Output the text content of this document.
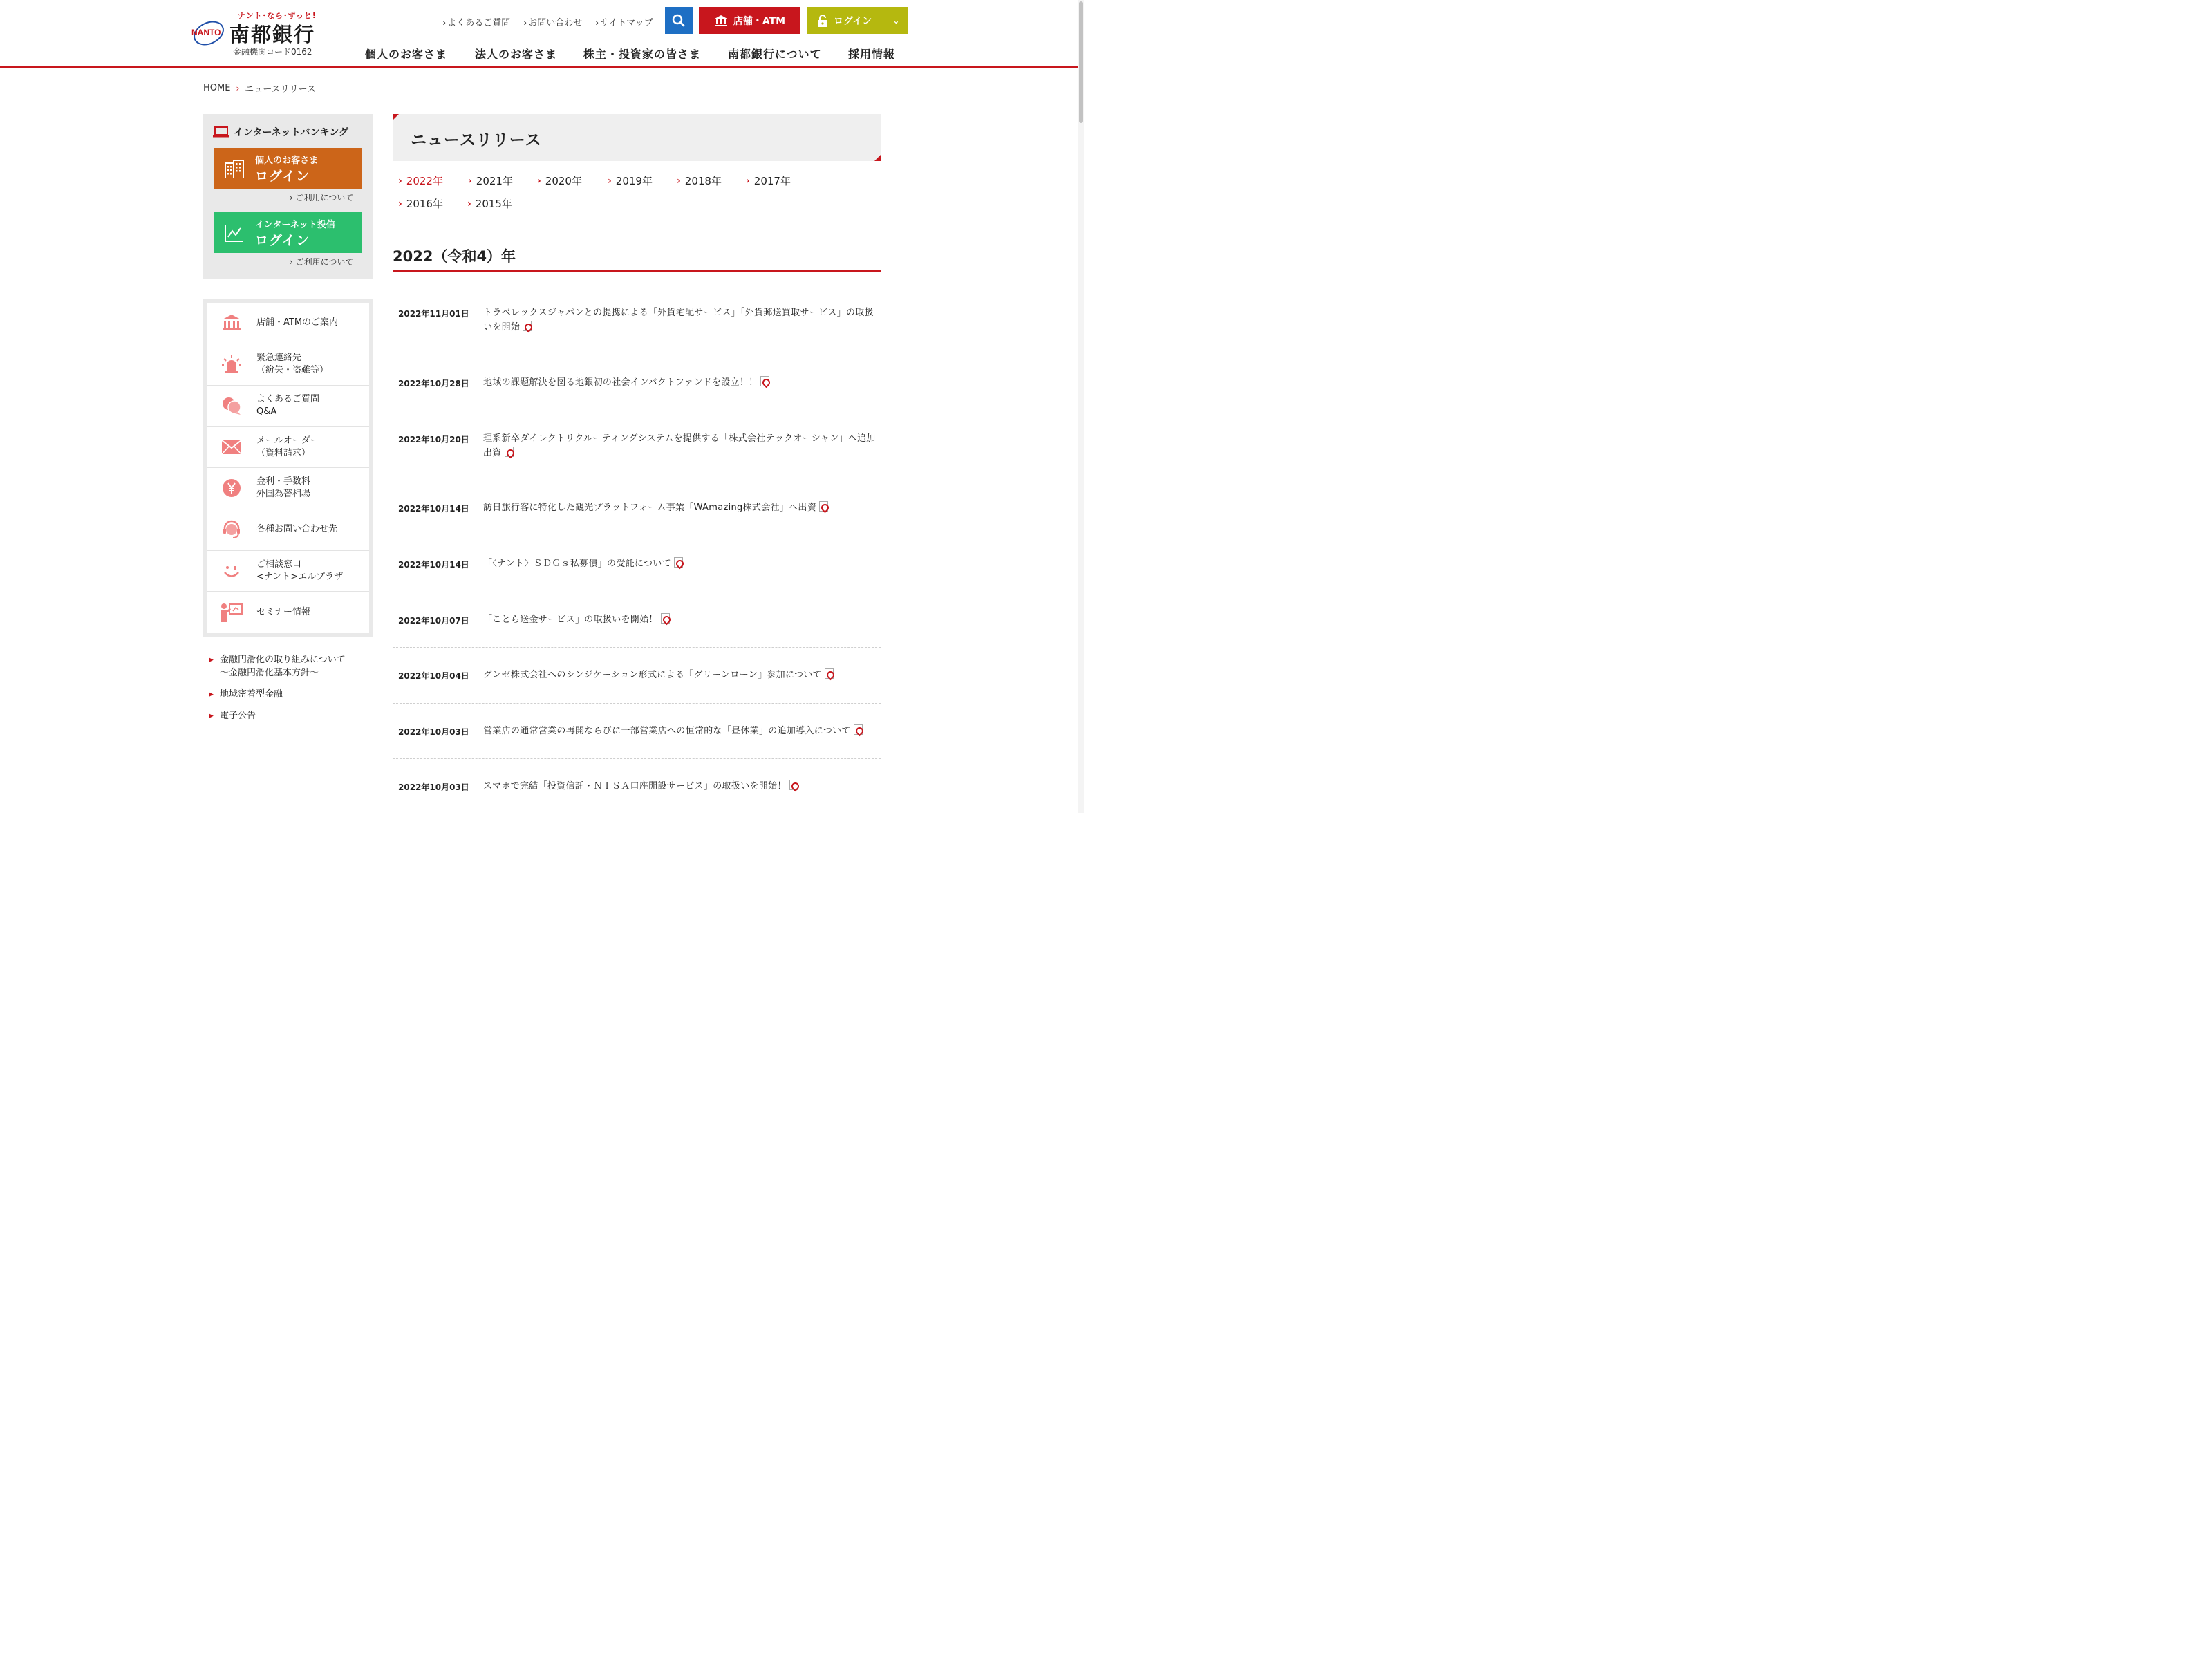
ナント･なら･ずっと!
NANTO 南都銀行
金融機関コード0162
› よくあるご質問 › お問い合わせ › サイトマップ	店舗・ATM	ログイン	⌄
個人のお客さま 法人のお客さま 株主・投資家の皆さま 南都銀行について 採用情報
HOME › ニュースリリース
インターネットバンキング
個人のお客さま
ログイン
› ご利用について
インターネット投信
ログイン
› ご利用について
店舗・ATMのご案内
緊急連絡先
（紛失・盗難等）
よくあるご質問
Q&A
メールオーダー
（資料請求）
金利・手数料
外国為替相場
各種お問い合わせ先
ご相談窓口
<ナント>エルプラザ
セミナー情報
▶ 金融円滑化の取り組みについて
〜金融円滑化基本方針〜
▶ 地域密着型金融
▶ 電子公告
ニュースリリース
› 2022年	› 2021年	› 2020年	› 2019年	› 2018年	› 2017年
› 2016年	› 2015年
2022（令和4）年
2022年11月01日 トラベレックスジャパンとの提携による「外貨宅配サービス」「外貨郵送買取サービス」の取扱いを開始
2022年10月28日 地域の課題解決を図る地銀初の社会インパクトファンドを設立！！
2022年10月20日 理系新卒ダイレクトリクルーティングシステムを提供する「株式会社テックオーシャン」へ追加出資
2022年10月14日 訪日旅行客に特化した観光プラットフォーム事業「WAmazing株式会社」へ出資
2022年10月14日 「〈ナント〉ＳＤＧｓ私募債」の受託について
2022年10月07日 「ことら送金サービス」の取扱いを開始！
2022年10月04日 グンゼ株式会社へのシンジケーション形式による『グリーンローン』参加について
2022年10月03日 営業店の通常営業の再開ならびに一部営業店への恒常的な「昼休業」の追加導入について
2022年10月03日 スマホで完結「投資信託・ＮＩＳＡ口座開設サービス」の取扱いを開始！
